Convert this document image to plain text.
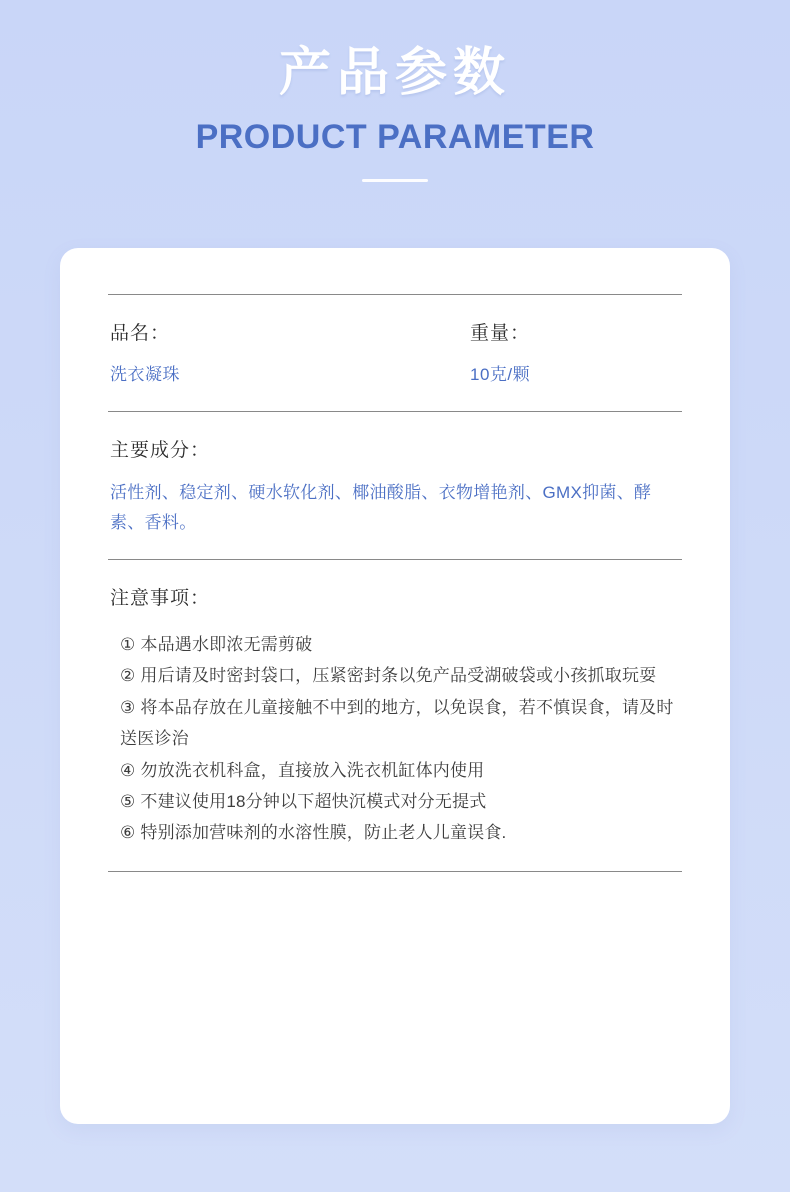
产品参数
PRODUCT PARAMETER
品名：
洗衣凝珠
重量：
10克/颗
主要成分：
活性剂、稳定剂、硬水软化剂、椰油酸脂、衣物增艳剂、GMX抑菌、酵素、香料。
注意事项：
① 本品遇水即浓无需剪破
② 用后请及时密封袋口，压紧密封条以免产品受湖破袋或小孩抓取玩耍
③ 将本品存放在儿童接触不中到的地方，以免误食，若不慎误食，请及时送医诊治
④ 勿放洗衣机科盒，直接放入洗衣机缸体内使用
⑤ 不建议使用18分钟以下超快沉模式对分无提式
⑥ 特别添加营味剂的水溶性膜，防止老人儿童误食.
